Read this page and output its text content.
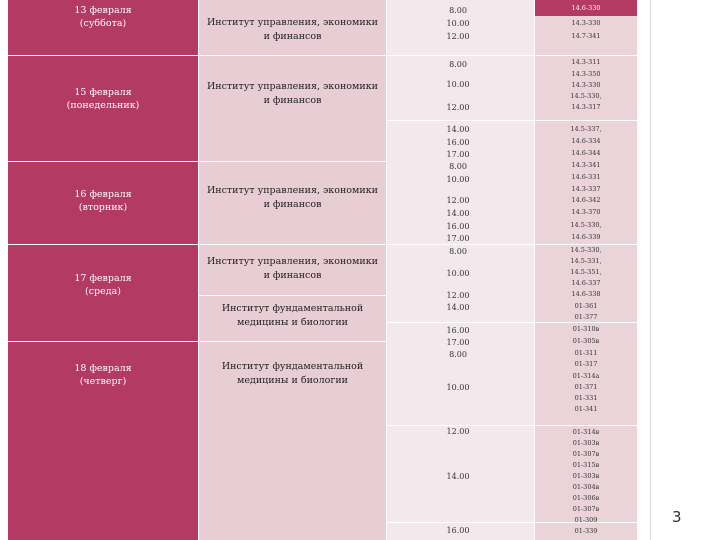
13 февраля
(суббота)
15 февраля
(понедельник)
16 февраля
(вторник)
17 февраля
(среда)
18 февраля
(четверг)
Институт управления, экономики и финансов
Институт управления, экономики и финансов
Институт управления, экономики и финансов
Институт управления, экономики и финансов
Институт фундаментальной медицины и биологии
Институт фундаментальной медицины и биологии
8.00
10.00
12.00
8.00
10.00
12.00
14.00
16.00
17.00
8.00
10.00
12.00
14.00
16.00
17.00
8.00
10.00
12.00
14.00
16.00
17.00
8.00
10.00
12.00
14.00
16.00
14.6-330
14.3-330
14.7-341
14.3-311
14.3-350
14.3-330
14.5-330,
14.3-317
14.5-337,
14.6-334
14.6-344
14.3-341
14.6-331
14.3-337
14.6-342
14.3-370
14.5-330,
14.6-339
14.5-330,
14.5-331,
14.5-351,
14.6-337
14.6-338
01-361
01-377
01-310в
01-305в
01-311
01-317
01-314а
01-371
01-331
01-341
01-314в
01-303в
01-307в
01-315в
01-303в
01-304в
01-306в
01-307в
01-309
01-339
3
